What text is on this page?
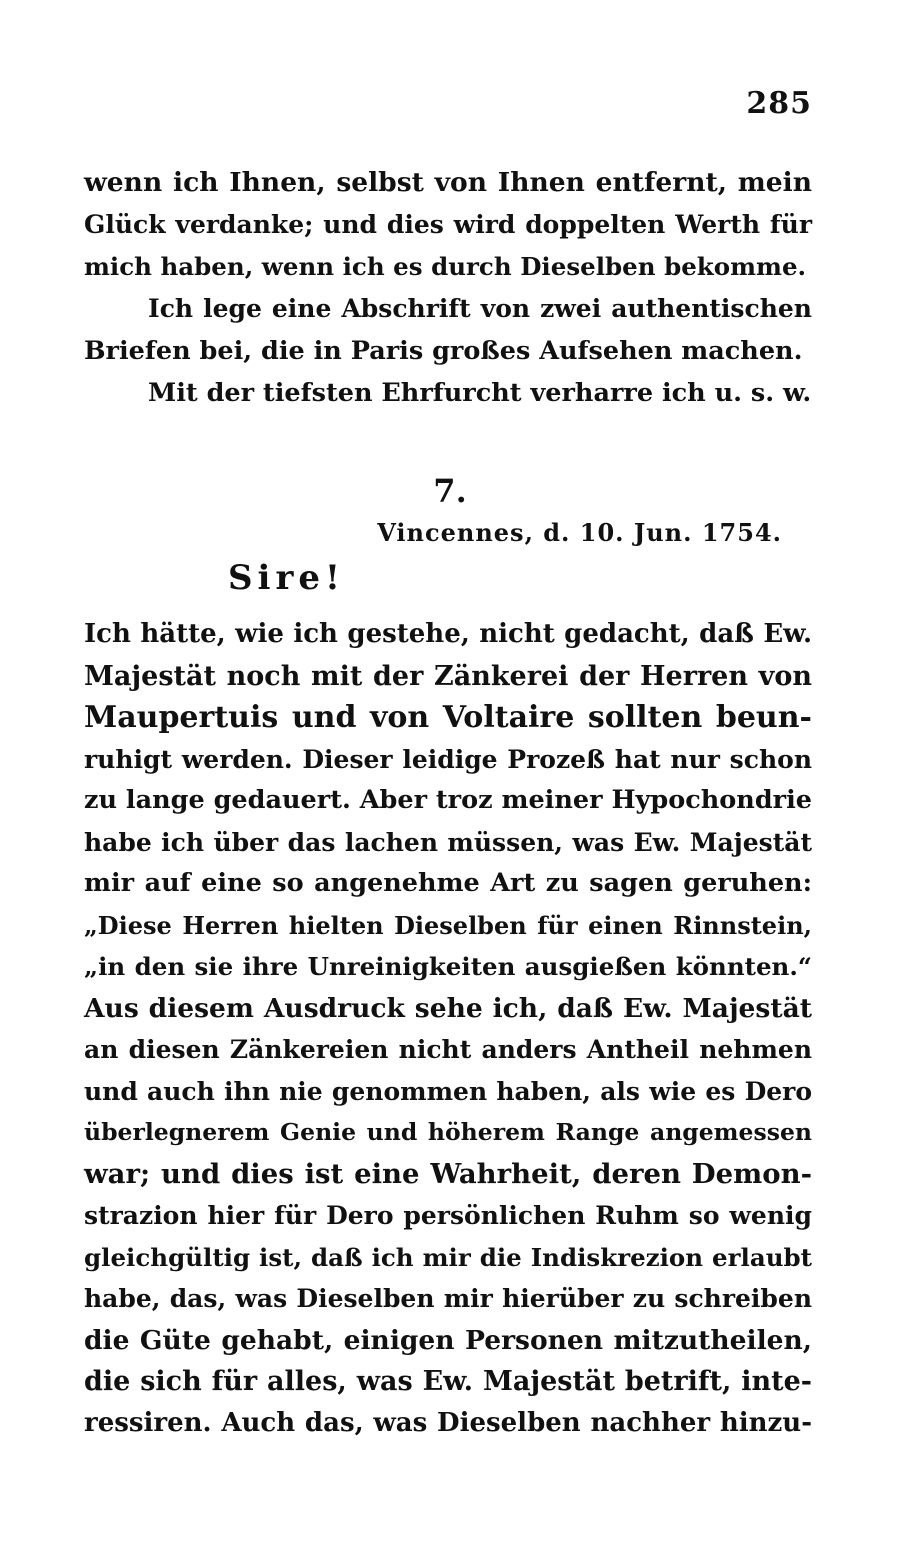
285
wenn ich Ihnen, selbst von Ihnen entfernt, mein
Glück verdanke; und dies wird doppelten Werth für
mich haben, wenn ich es durch Dieselben bekomme.
Ich lege eine Abschrift von zwei authentischen
Briefen bei, die in Paris großes Aufsehen machen.
Mit der tiefsten Ehrfurcht verharre ich u. s. w.
7.
Vincennes, d. 10. Jun. 1754.
Sire!
Ich hätte, wie ich gestehe, nicht gedacht, daß Ew.
Majestät noch mit der Zänkerei der Herren von
Maupertuis und von Voltaire sollten beun-
ruhigt werden. Dieser leidige Prozeß hat nur schon
zu lange gedauert. Aber troz meiner Hypochondrie
habe ich über das lachen müssen, was Ew. Majestät
mir auf eine so angenehme Art zu sagen geruhen:
„Diese Herren hielten Dieselben für einen Rinnstein,
„in den sie ihre Unreinigkeiten ausgießen könnten.“
Aus diesem Ausdruck sehe ich, daß Ew. Majestät
an diesen Zänkereien nicht anders Antheil nehmen
und auch ihn nie genommen haben, als wie es Dero
überlegnerem Genie und höherem Range angemessen
war; und dies ist eine Wahrheit, deren Demon-
strazion hier für Dero persönlichen Ruhm so wenig
gleichgültig ist, daß ich mir die Indiskrezion erlaubt
habe, das, was Dieselben mir hierüber zu schreiben
die Güte gehabt, einigen Personen mitzutheilen,
die sich für alles, was Ew. Majestät betrift, inte-
ressiren. Auch das, was Dieselben nachher hinzu-
